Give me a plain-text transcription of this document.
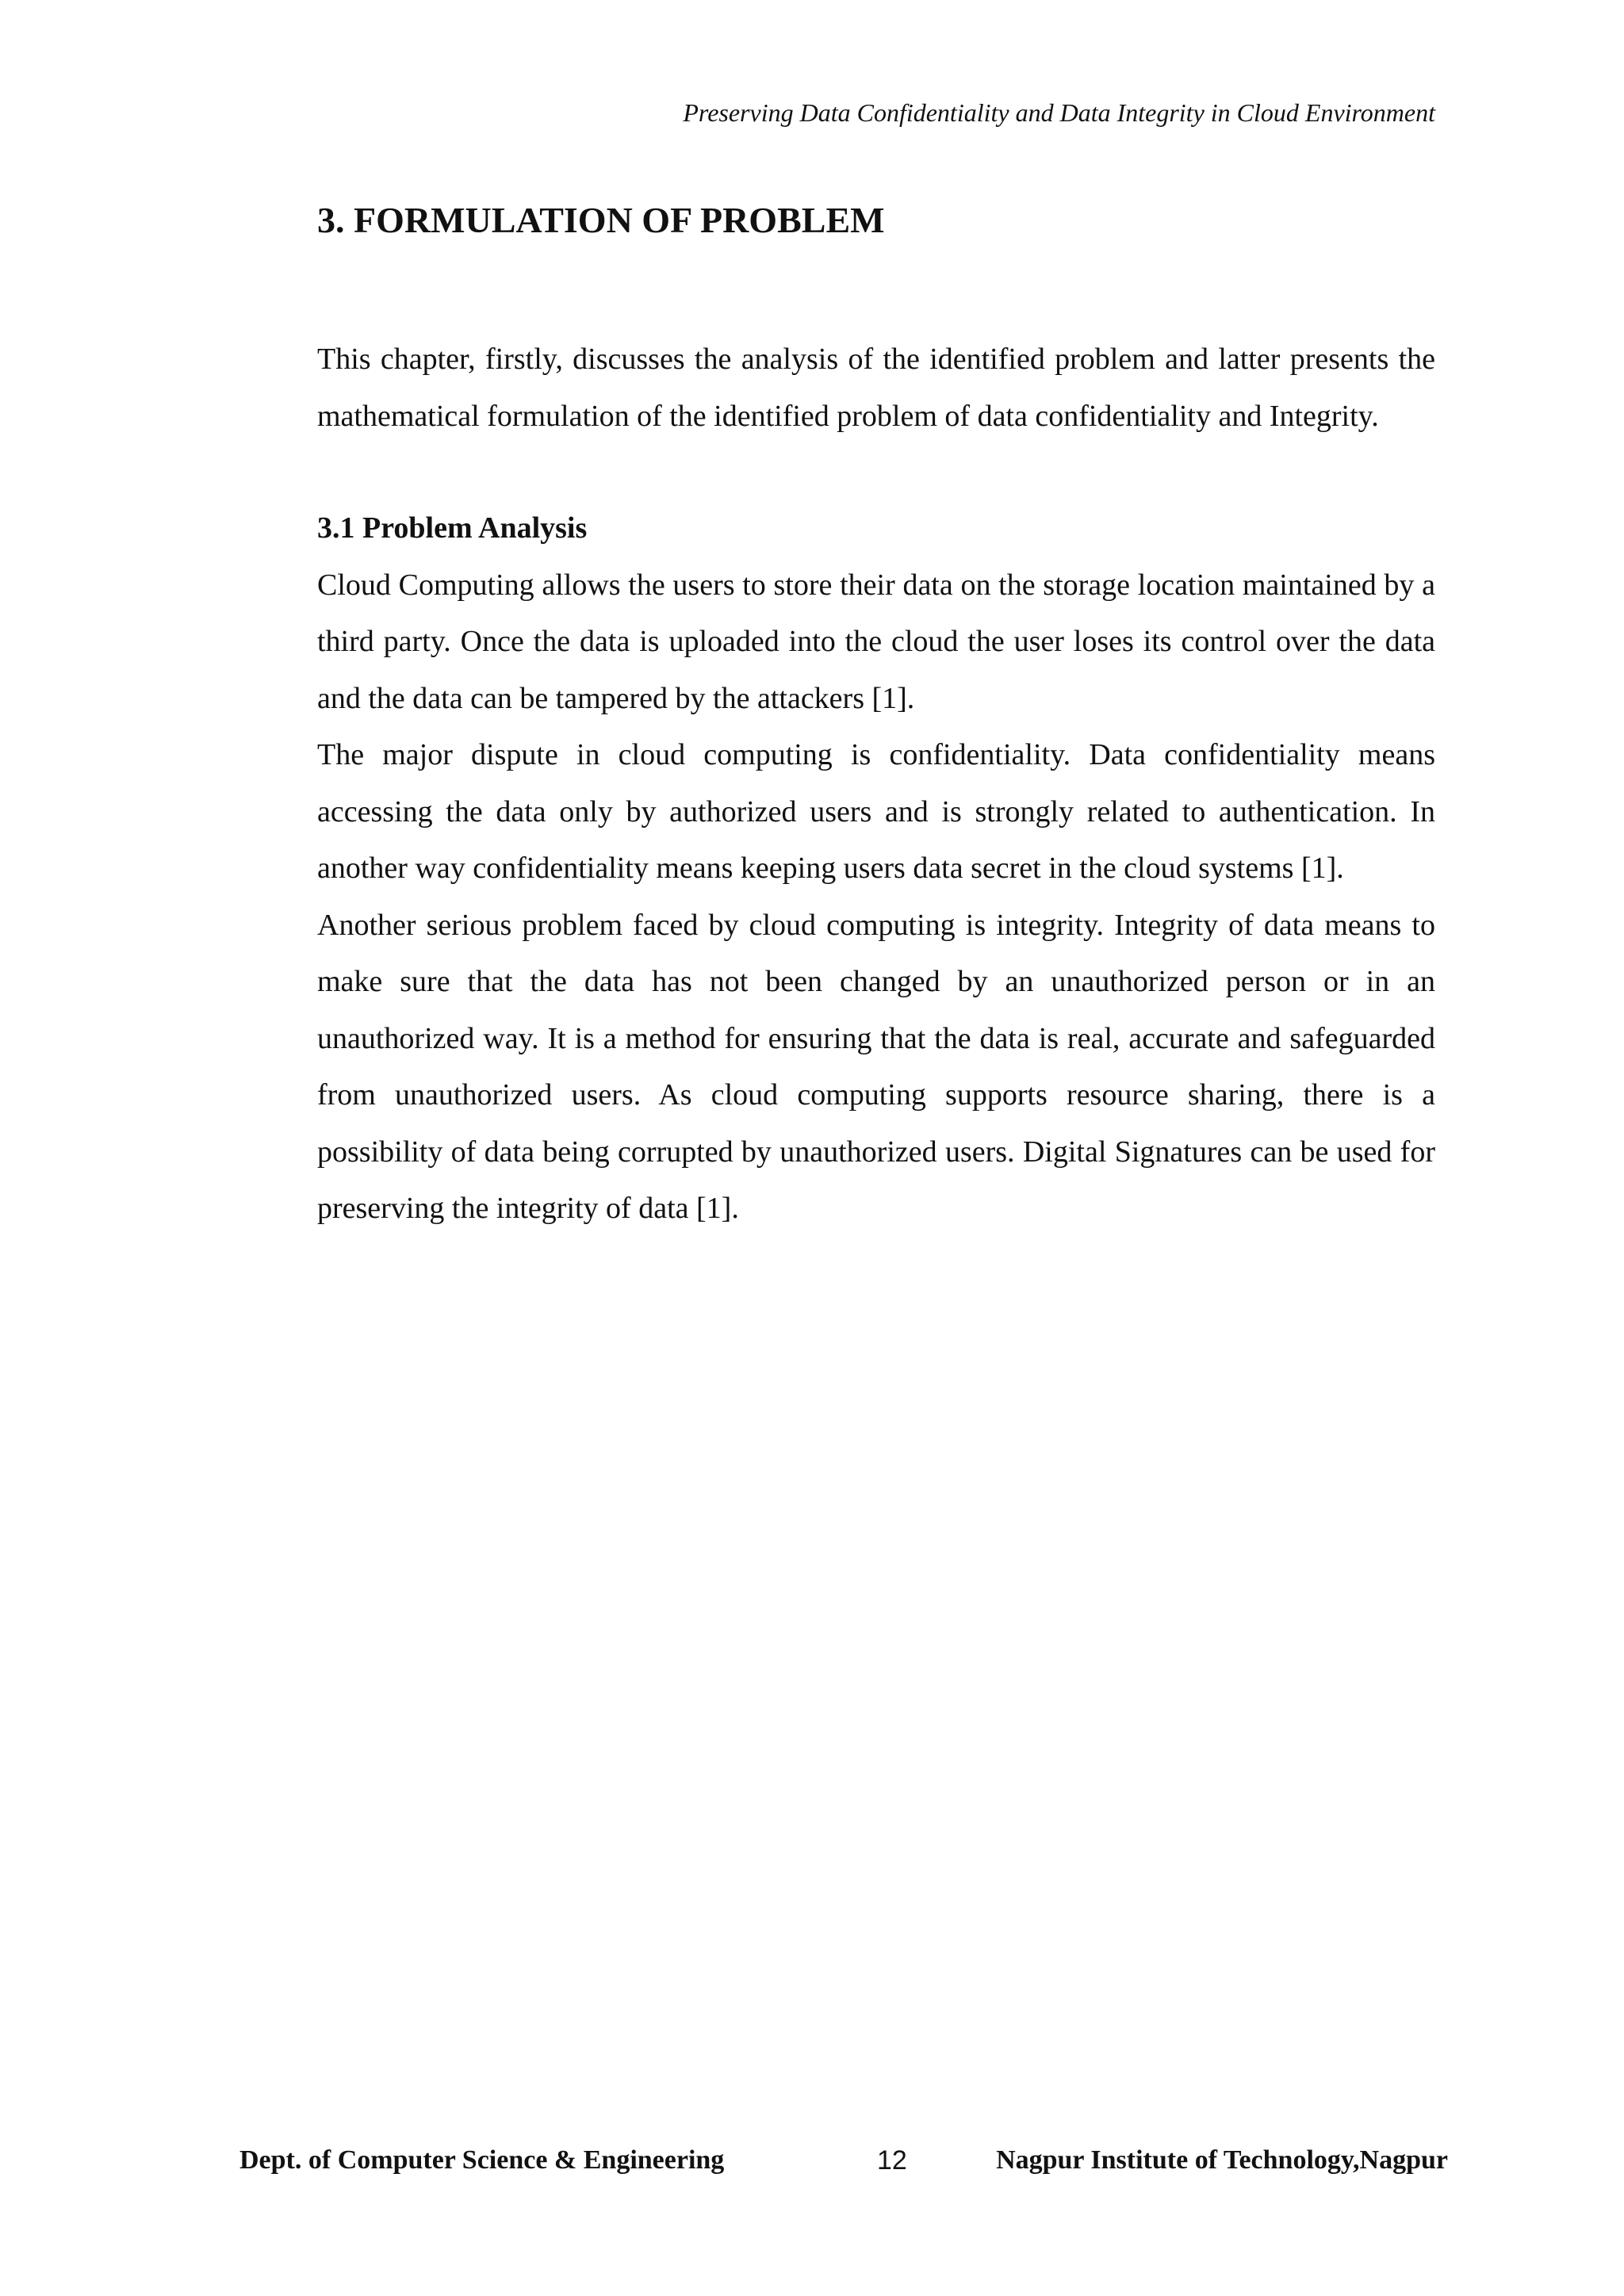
Preserving Data Confidentiality and Data Integrity in Cloud Environment
3. FORMULATION OF PROBLEM

This chapter, firstly, discusses the analysis of the identified problem and latter presents the mathematical formulation of the identified problem of data confidentiality and Integrity.

3.1 Problem Analysis

Cloud Computing allows the users to store their data on the storage location maintained by a third party. Once the data is uploaded into the cloud the user loses its control over the data and the data can be tampered by the attackers [1].

The major dispute in cloud computing is confidentiality. Data confidentiality means accessing the data only by authorized users and is strongly related to authentication. In another way confidentiality means keeping users data secret in the cloud systems [1].

Another serious problem faced by cloud computing is integrity. Integrity of data means to make sure that the data has not been changed by an unauthorized person or in an unauthorized way. It is a method for ensuring that the data is real, accurate and safeguarded from unauthorized users. As cloud computing supports resource sharing, there is a possibility of data being corrupted by unauthorized users. Digital Signatures can be used for preserving the integrity of data [1].

Dept. of Computer Science & Engineering	12	Nagpur Institute of Technology,Nagpur
